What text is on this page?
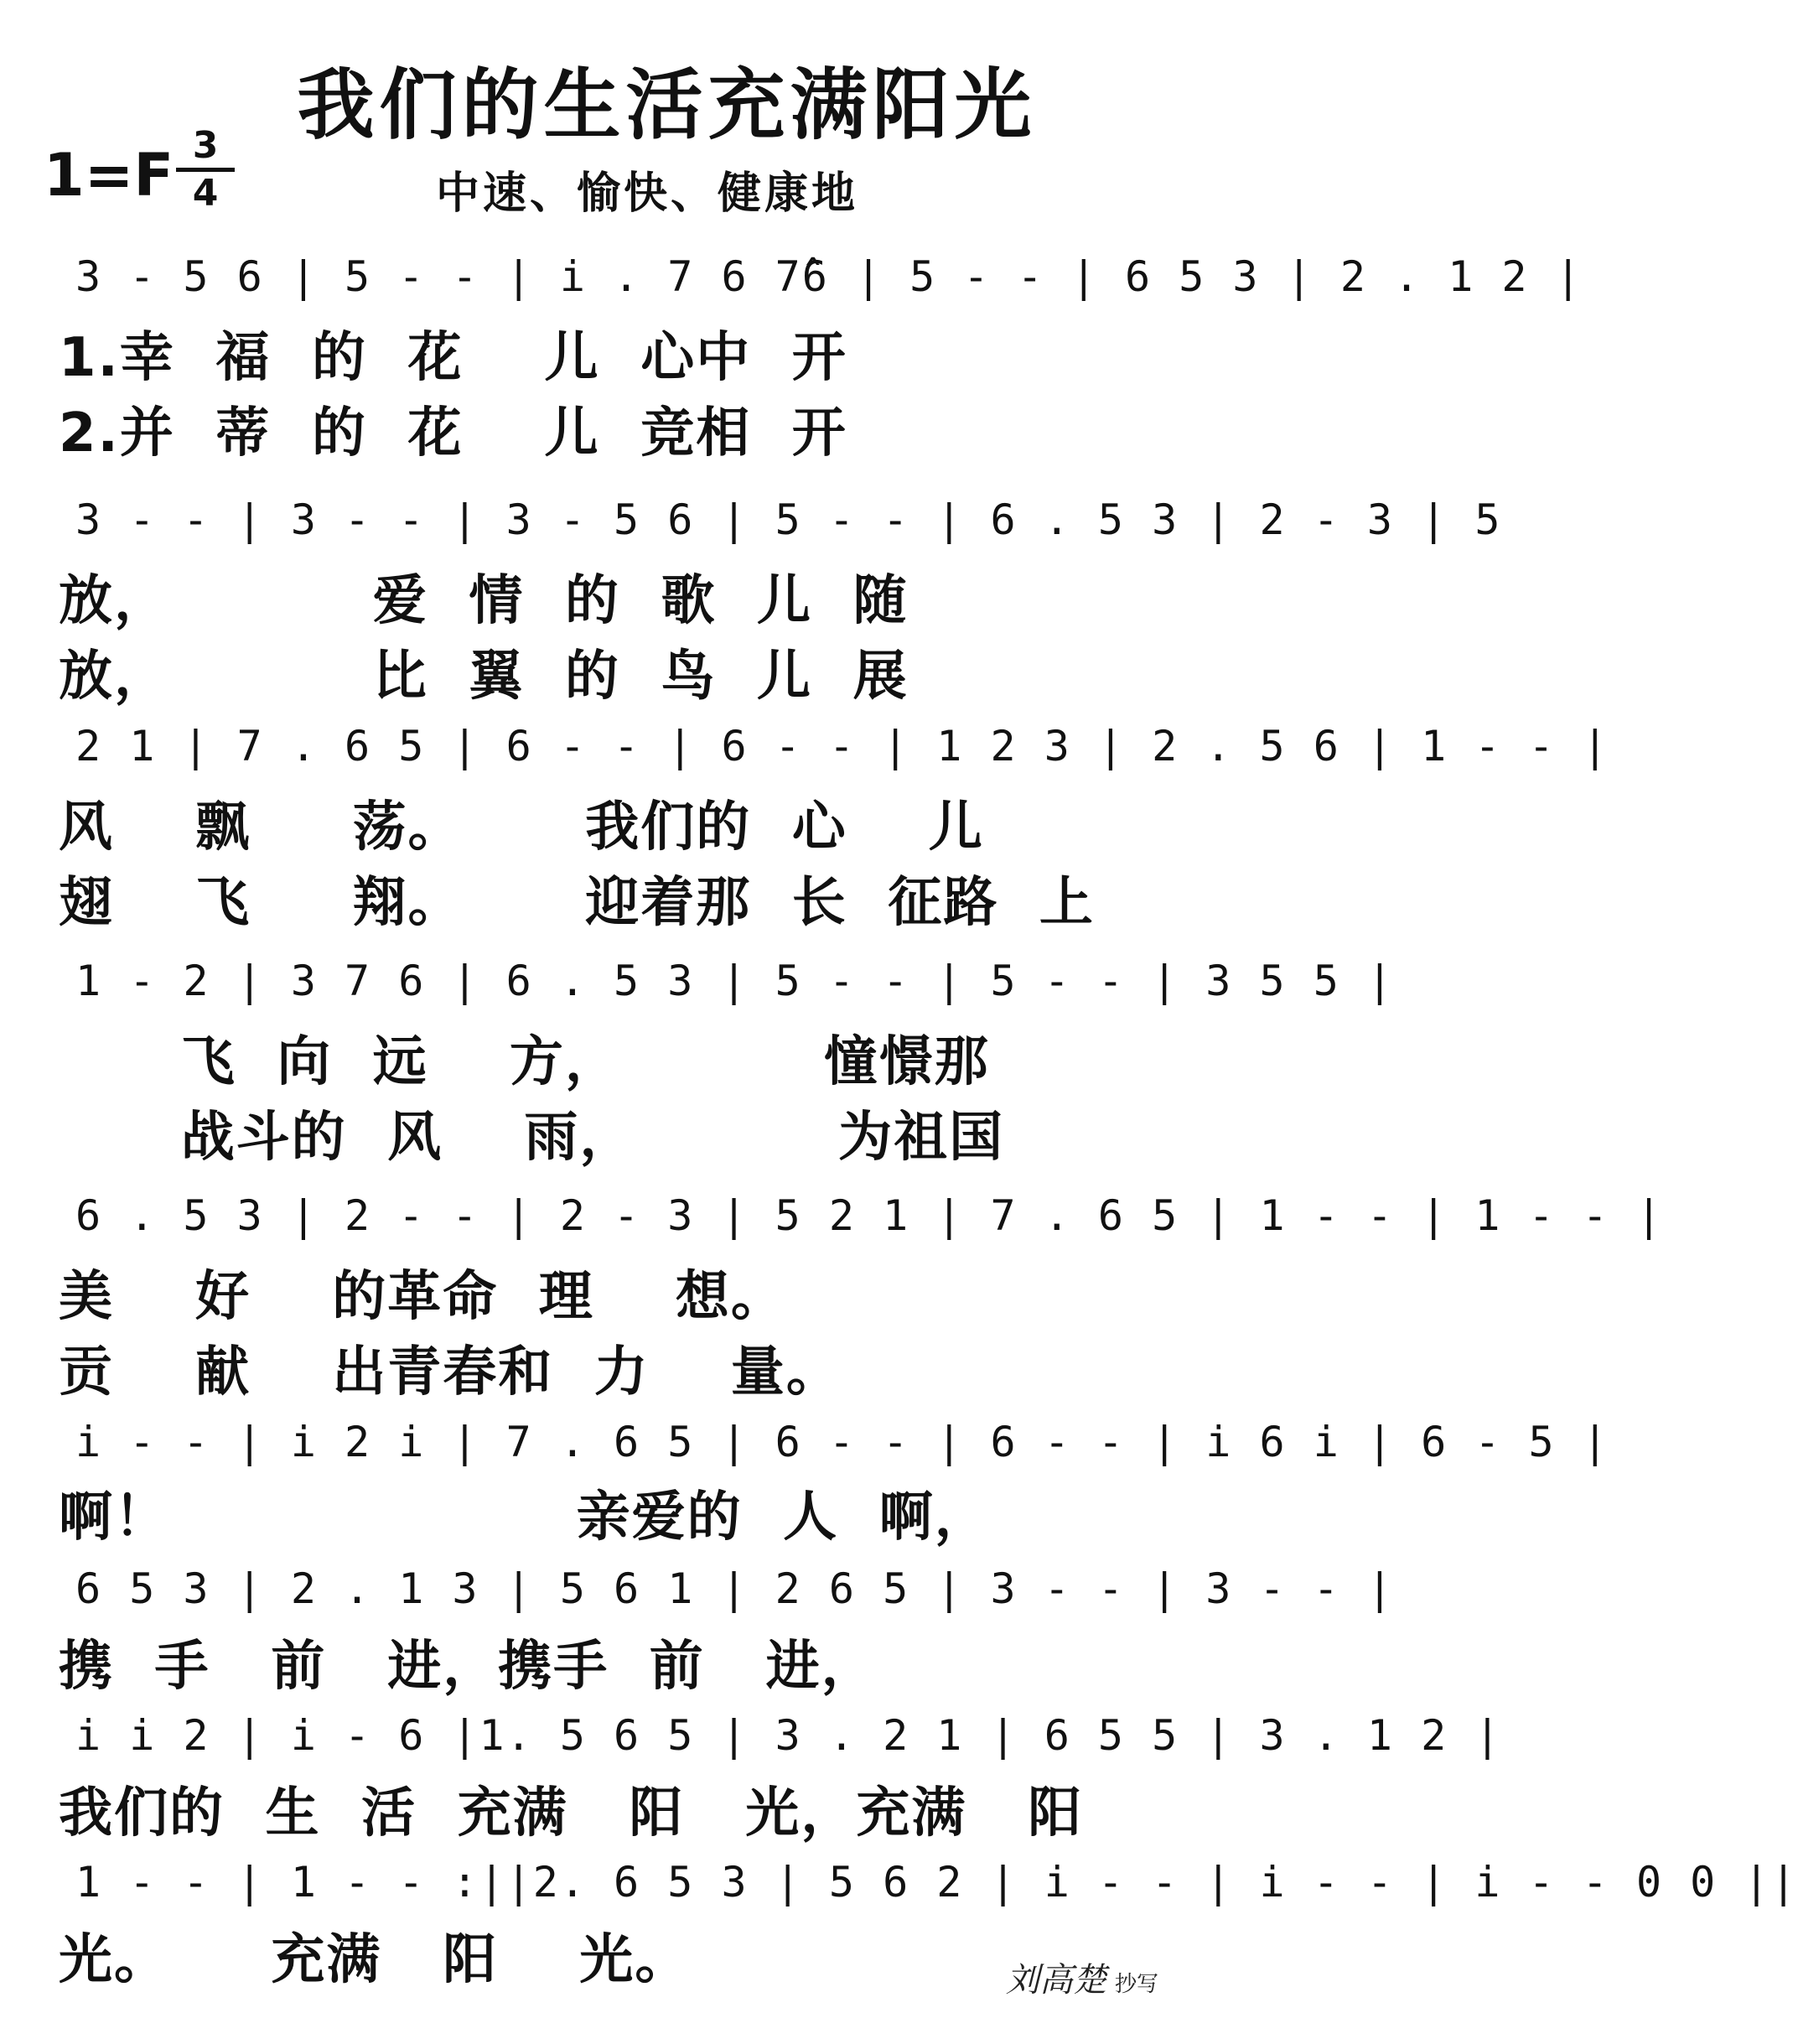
我们的生活充满阳光
1=F 3
4	中速、愉快、健康地
3 - 5 6 | 5 - - | i . 7 6 7̂6 | 5 - - | 6 5 3 | 2 . 1 2 |
1.幸  福  的  花    儿  心中  开
2.并  蒂  的  花    儿  竞相  开
3 - - | 3 - - | 3 - 5 6 | 5 - - | 6 . 5 3 | 2 - 3 | 5
放，          爱  情  的  歌  儿  随
放，          比  翼  的  鸟  儿  展
2 1 | 7 . 6 5 | 6 - - | 6 - - | 1 2 3 | 2 . 5 6 | 1 - - |
风    飘     荡。      我们的  心    儿
翅    飞     翔。      迎着那  长  征路  上
1 - 2 | 3 7 6 | 6 . 5 3 | 5 - - | 5 - - | 3 5 5 |
飞  向  远    方，          憧憬那
战斗的  风    雨，          为祖国
6 . 5 3 | 2 - - | 2 - 3 | 5 2 1 | 7 . 6 5 | 1 - - | 1 - - |
美    好    的革命  理    想。
贡    献    出青春和  力    量。
i - - | i 2 i | 7 . 6 5 | 6 - - | 6 - - | i 6 i | 6 - 5 |
啊！                    亲爱的  人  啊，
6 5 3 | 2 . 1 3 | 5 6 1 | 2 6 5 | 3 - - | 3 - - |
携  手   前   进，携手  前   进，
i i 2 | i - 6 |1. 5 6 5 | 3 . 2 1 | 6 5 5 | 3 . 1 2 |
我们的  生  活  充满   阳   光，充满   阳
1 - - | 1 - - :||2. 6 5 3 | 5 6 2 | i - - | i - - | i - - 0 0 ||
光。     充满   阳    光。	刘高楚 抄写
